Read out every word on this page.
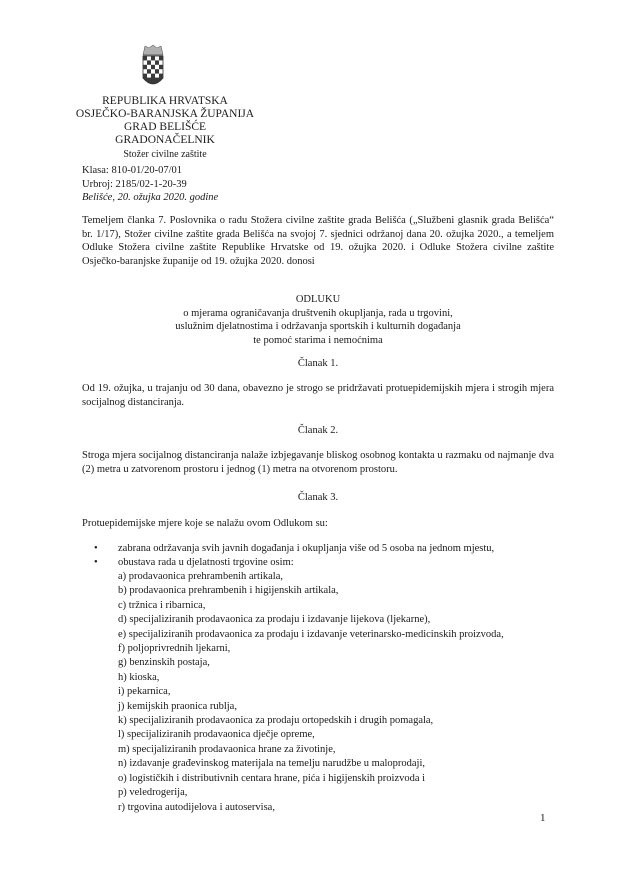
REPUBLIKA HRVATSKA
OSJEČKO-BARANJSKA ŽUPANIJA
GRAD BELIŠĆE
GRADONAČELNIK
Stožer civilne zaštite
Klasa: 810-01/20-07/01
Urbroj: 2185/02-1-20-39
Belišće, 20. ožujka 2020. godine
Temeljem članka 7. Poslovnika o radu Stožera civilne zaštite grada Belišća („Službeni glasnik grada Belišća“ br. 1/17), Stožer civilne zaštite grada Belišća na svojoj 7. sjednici održanoj dana 20. ožujka 2020., a temeljem Odluke Stožera civilne zaštite Republike Hrvatske od 19. ožujka 2020. i Odluke Stožera civilne zaštite Osječko-baranjske županije od 19. ožujka 2020. donosi
ODLUKU
o mjerama ograničavanja društvenih okupljanja, rada u trgovini,
uslužnim djelatnostima i održavanja sportskih i kulturnih događanja
te pomoć starima i nemoćnima
Članak 1.
Od 19. ožujka, u trajanju od 30 dana, obavezno je strogo se pridržavati protuepidemijskih mjera i strogih mjera socijalnog distanciranja.
Članak 2.
Stroga mjera socijalnog distanciranja nalaže izbjegavanje bliskog osobnog kontakta u razmaku od najmanje dva (2) metra u zatvorenom prostoru i jednog (1) metra na otvorenom prostoru.
Članak 3.
Protuepidemijske mjere koje se nalažu ovom Odlukom su:
• zabrana održavanja svih javnih događanja i okupljanja više od 5 osoba na jednom mjestu,
• obustava rada u djelatnosti trgovine osim:
a) prodavaonica prehrambenih artikala,
b) prodavaonica prehrambenih i higijenskih artikala,
c) tržnica i ribarnica,
d) specijaliziranih prodavaonica za prodaju i izdavanje lijekova (ljekarne),
e) specijaliziranih prodavaonica za prodaju i izdavanje veterinarsko-medicinskih proizvoda,
f) poljoprivrednih ljekarni,
g) benzinskih postaja,
h) kioska,
i) pekarnica,
j) kemijskih praonica rublja,
k) specijaliziranih prodavaonica za prodaju ortopedskih i drugih pomagala,
l) specijaliziranih prodavaonica dječje opreme,
m) specijaliziranih prodavaonica hrane za životinje,
n) izdavanje građevinskog materijala na temelju narudžbe u maloprodaji,
o) logističkih i distributivnih centara hrane, pića i higijenskih proizvoda i
p) veledrogerija,
r) trgovina autodijelova i autoservisa,
1
